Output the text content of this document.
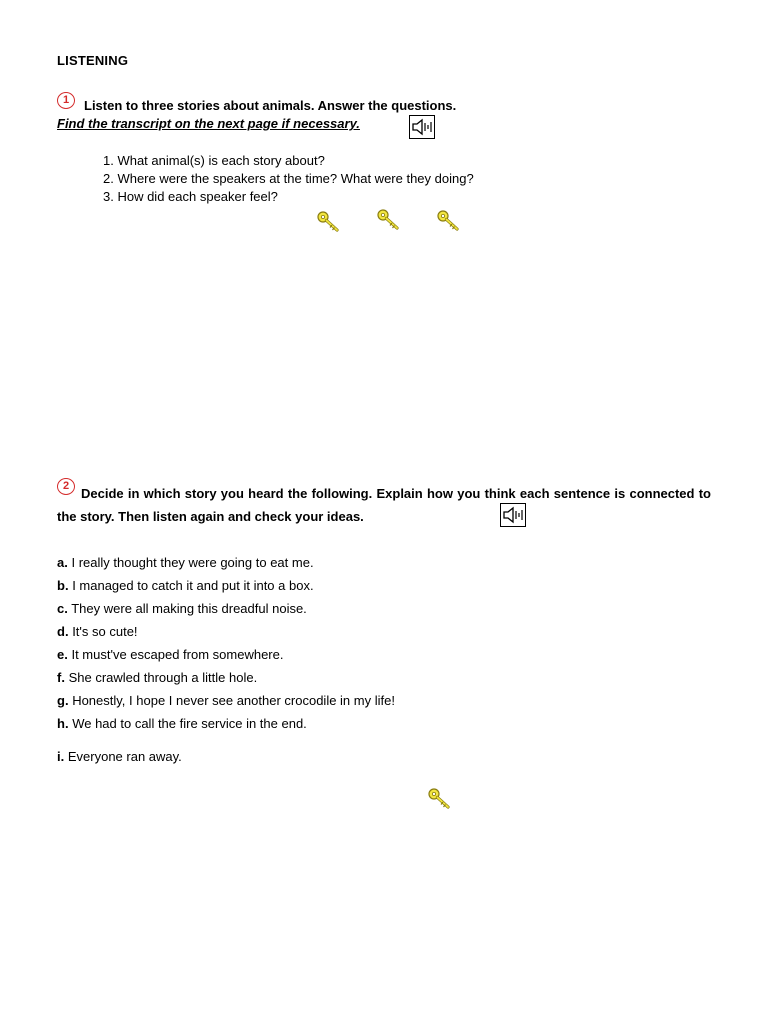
LISTENING
1	Listen to three stories about animals. Answer the questions.
Find the transcript on the next page if necessary.
1. What animal(s) is each story about?
2. Where were the speakers at the time? What were they doing?
3. How did each speaker feel?
2 Decide in which story you heard the following. Explain how you think each sentence is connected to the story. Then listen again and check your ideas.
a. I really thought they were going to eat me.
b. I managed to catch it and put it into a box.
c. They were all making this dreadful noise.
d. It's so cute!
e. It must've escaped from somewhere.
f. She crawled through a little hole.
g. Honestly, I hope I never see another crocodile in my life!
h. We had to call the fire service in the end.
i. Everyone ran away.
